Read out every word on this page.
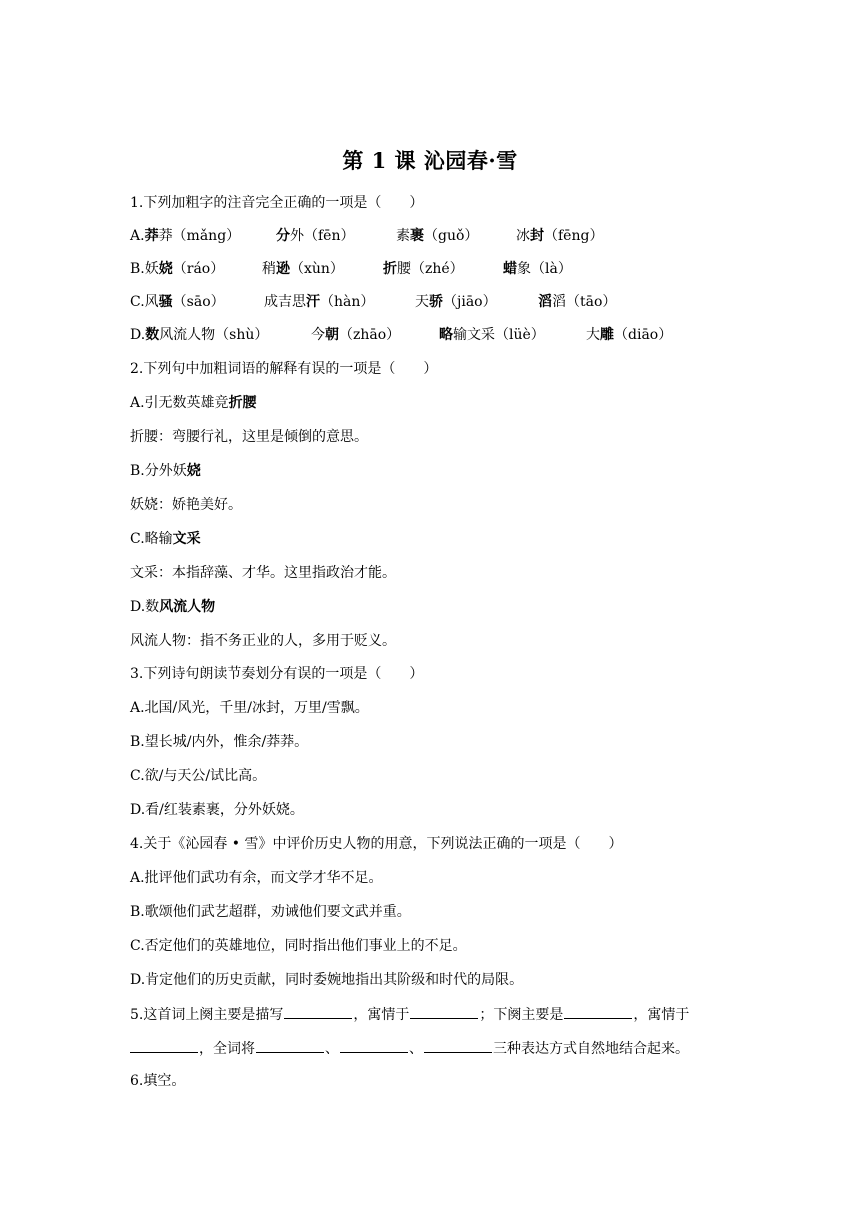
第 1 课 沁园春·雪
1.下列加粗字的注音完全正确的一项是（　　）
A.莽莽（mǎng）	分外（fēn）	素裹（guǒ）	冰封（fēng）
B.妖娆（ráo）	稍逊（xùn）	折腰（zhé）	蜡象（là）
C.风骚（sāo）	成吉思汗（hàn）	天骄（jiāo）	滔滔（tāo）
D.数风流人物（shù）	今朝（zhāo）	略输文采（lüè）	大雕（diāo）
2.下列句中加粗词语的解释有误的一项是（　　）
A.引无数英雄竞折腰
折腰：弯腰行礼，这里是倾倒的意思。
B.分外妖娆
妖娆：娇艳美好。
C.略输文采
文采：本指辞藻、才华。这里指政治才能。
D.数风流人物
风流人物：指不务正业的人，多用于贬义。
3.下列诗句朗读节奏划分有误的一项是（　　）
A.北国/风光，千里/冰封，万里/雪飘。
B.望长城/内外，惟余/莽莽。
C.欲/与天公/试比高。
D.看/红装素裹，分外妖娆。
4.关于《沁园春 • 雪》中评价历史人物的用意，下列说法正确的一项是（　　）
A.批评他们武功有余，而文学才华不足。
B.歌颂他们武艺超群，劝诫他们要文武并重。
C.否定他们的英雄地位，同时指出他们事业上的不足。
D.肯定他们的历史贡献，同时委婉地指出其阶级和时代的局限。
5.这首词上阕主要是描写	，寓情于	；下阕主要是	，寓情于
，全词将	、	、	三种表达方式自然地结合起来。
6.填空。
